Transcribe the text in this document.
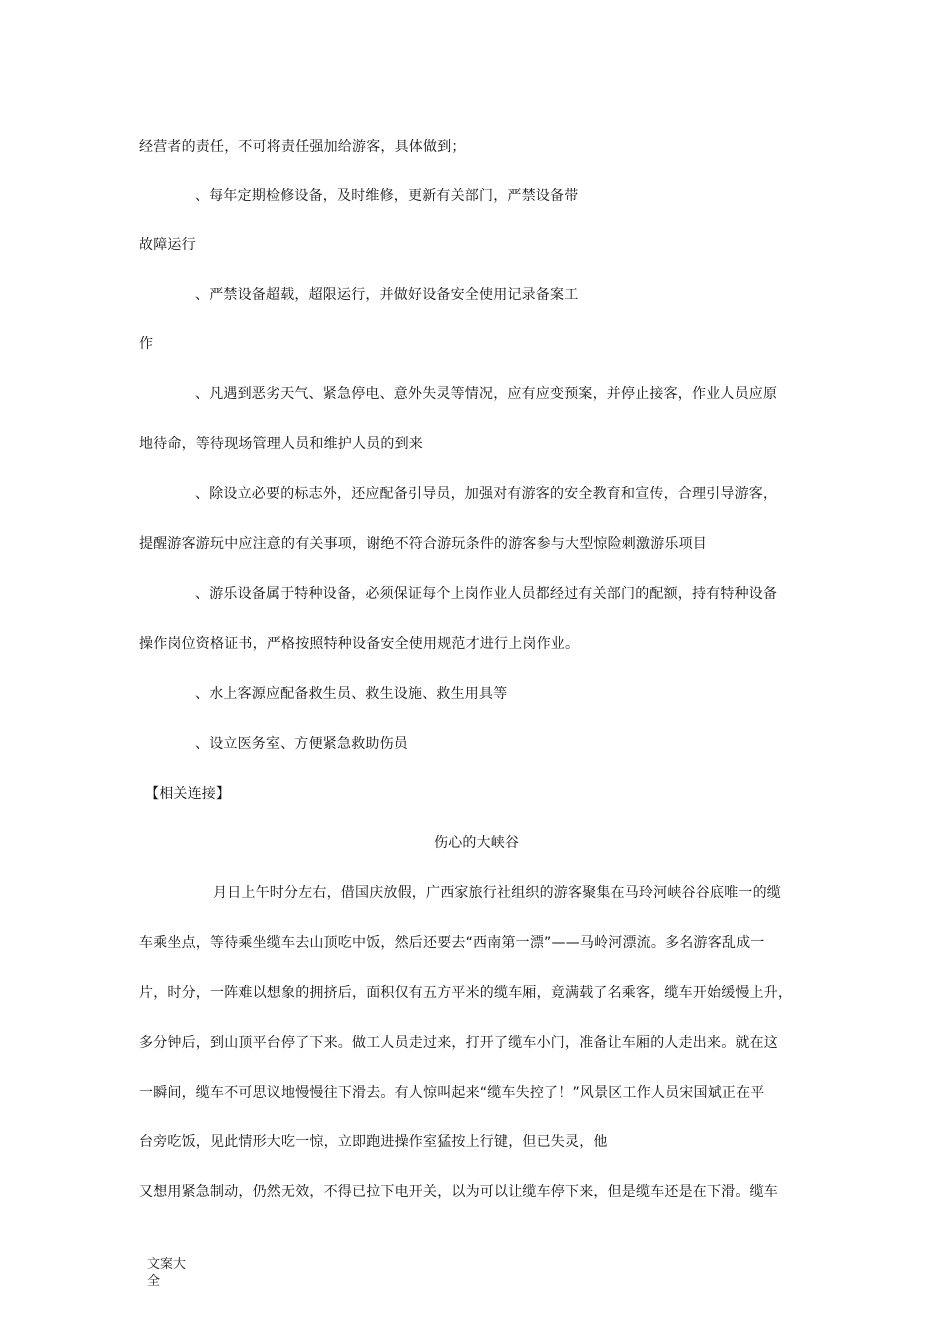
经营者的责任，不可将责任强加给游客，具体做到；
、每年定期检修设备，及时维修，更新有关部门，严禁设备带
故障运行
、严禁设备超载，超限运行，并做好设备安全使用记录备案工
作
、凡遇到恶劣天气、紧急停电、意外失灵等情况，应有应变预案，并停止接客，作业人员应原
地待命，等待现场管理人员和维护人员的到来
、除设立必要的标志外，还应配备引导员，加强对有游客的安全教育和宣传，合理引导游客，
提醒游客游玩中应注意的有关事项，谢绝不符合游玩条件的游客参与大型惊险刺激游乐项目
、游乐设备属于特种设备，必须保证每个上岗作业人员都经过有关部门的配额，持有特种设备
操作岗位资格证书，严格按照特种设备安全使用规范才进行上岗作业。
、水上客源应配备救生员、救生设施、救生用具等
、设立医务室、方便紧急救助伤员
【相关连接】
伤心的大峡谷
月日上午时分左右，借国庆放假，广西家旅行社组织的游客聚集在马玲河峡谷谷底唯一的缆
车乘坐点，等待乘坐缆车去山顶吃中饭，然后还要去“西南第一漂”——马岭河漂流。多名游客乱成一
片，时分，一阵难以想象的拥挤后，面积仅有五方平米的缆车厢，竟满载了名乘客，缆车开始缓慢上升，
多分钟后，到山顶平台停了下来。做工人员走过来，打开了缆车小门，准备让车厢的人走出来。就在这
一瞬间，缆车不可思议地慢慢往下滑去。有人惊叫起来“缆车失控了！”风景区工作人员宋国斌正在平
台旁吃饭，见此情形大吃一惊，立即跑进操作室猛按上行键，但已失灵，他
又想用紧急制动，仍然无效，不得已拉下电开关，以为可以让缆车停下来，但是缆车还是在下滑。缆车
文案大
全
